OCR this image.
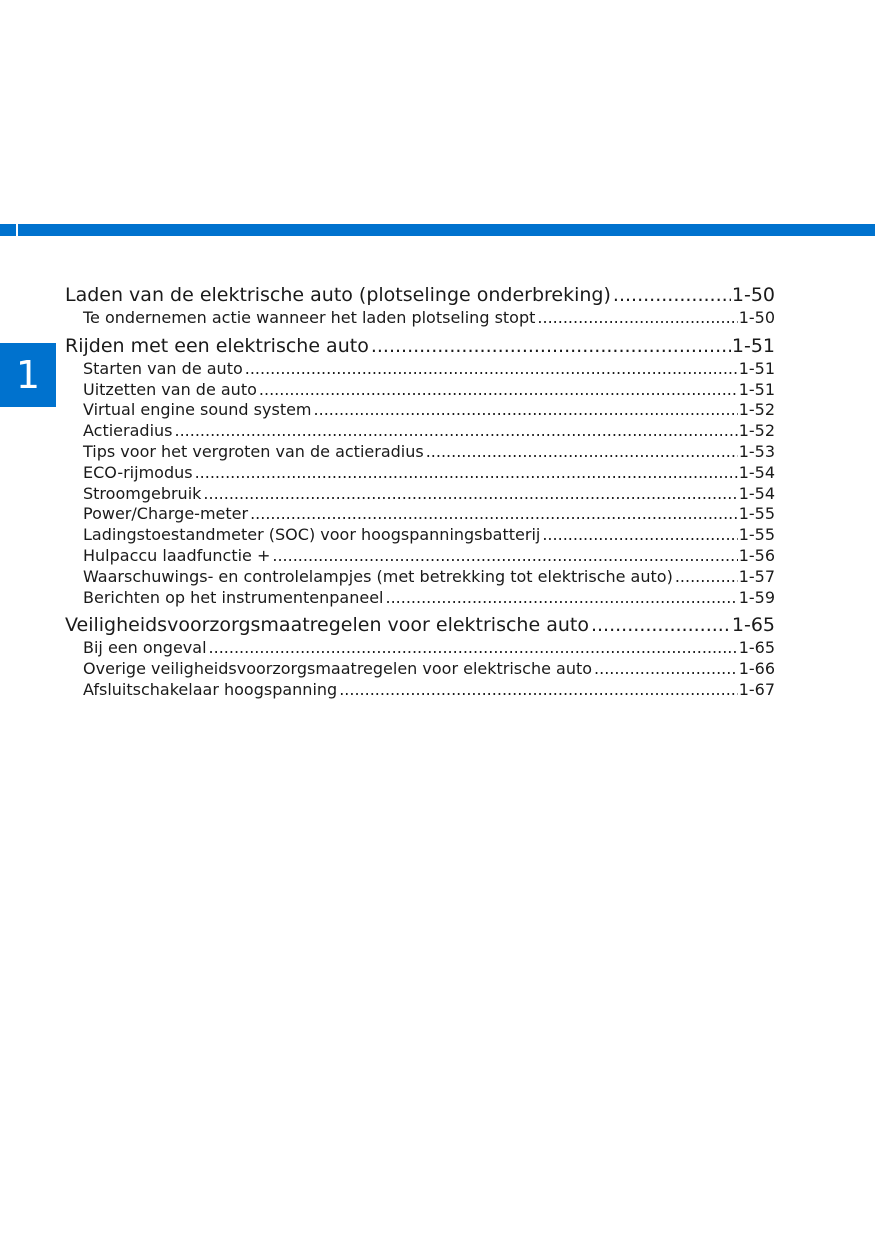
1
Laden van de elektrische auto (plotselinge onderbreking) .....	1-50
Te ondernemen actie wanneer het laden plotseling stopt .....	1-50
Rijden met een elektrische auto .....	1-51
Starten van de auto .....	1-51
Uitzetten van de auto .....	1-51
Virtual engine sound system .....	1-52
Actieradius .....	1-52
Tips voor het vergroten van de actieradius .....	1-53
ECO-rijmodus .....	1-54
Stroomgebruik .....	1-54
Power/Charge-meter .....	1-55
Ladingstoestandmeter (SOC) voor hoogspanningsbatterij .....	1-55
Hulpaccu laadfunctie + .....	1-56
Waarschuwings- en controlelampjes (met betrekking tot elektrische auto) .....	1-57
Berichten op het instrumentenpaneel .....	1-59
Veiligheidsvoorzorgsmaatregelen voor elektrische auto .....	1-65
Bij een ongeval .....	1-65
Overige veiligheidsvoorzorgsmaatregelen voor elektrische auto .....	1-66
Afsluitschakelaar hoogspanning .....	1-67
